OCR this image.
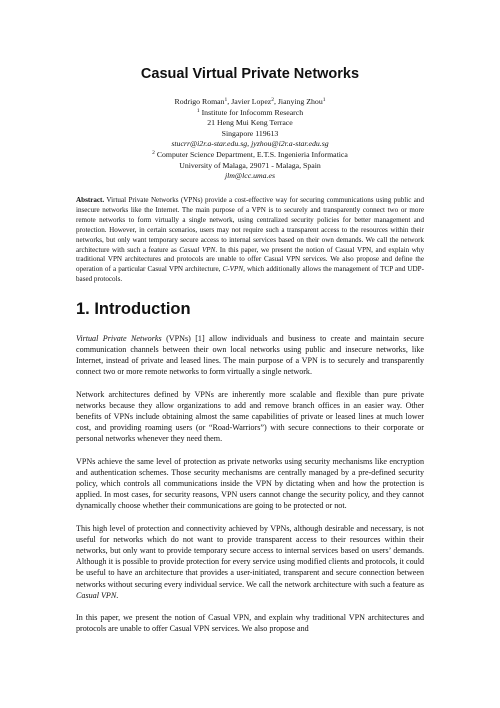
Casual Virtual Private Networks

Rodrigo Roman$^1$, Javier Lopez$^2$, Jianying Zhou$^1$

$^1$ Institute for Infocomm Research

21 Heng Mui Keng Terrace

Singapore 119613

stucrr@i2r.a-star.edu.sg, jyzhou@i2r.a-star.edu.sg

$^2$ Computer Science Department, E.T.S. Ingenieria Informatica

University of Malaga, 29071 - Malaga, Spain

jlm@lcc.uma.es

Abstract. Virtual Private Networks (VPNs) provide a cost-effective way for securing communications using public and insecure networks like the Internet. The main purpose of a VPN is to securely and transparently connect two or more remote networks to form virtually a single network, using centralized security policies for better management and protection. However, in certain scenarios, users may not require such a transparent access to the resources within their networks, but only want temporary secure access to internal services based on their own demands. We call the network architecture with such a feature as Casual VPN. In this paper, we present the notion of Casual VPN, and explain why traditional VPN architectures and protocols are unable to offer Casual VPN services. We also propose and define the operation of a particular Casual VPN architecture, C-VPN, which additionally allows the management of TCP and UDP-based protocols.

1. Introduction

Virtual Private Networks (VPNs) [1] allow individuals and business to create and maintain secure communication channels between their own local networks using public and insecure networks, like Internet, instead of private and leased lines. The main purpose of a VPN is to securely and transparently connect two or more remote networks to form virtually a single network.

Network architectures defined by VPNs are inherently more scalable and flexible than pure private networks because they allow organizations to add and remove branch offices in an easier way. Other benefits of VPNs include obtaining almost the same capabilities of private or leased lines at much lower cost, and providing roaming users (or “Road-Warriors”) with secure connections to their corporate or personal networks whenever they need them.

VPNs achieve the same level of protection as private networks using security mechanisms like encryption and authentication schemes. Those security mechanisms are centrally managed by a pre-defined security policy, which controls all communications inside the VPN by dictating when and how the protection is applied. In most cases, for security reasons, VPN users cannot change the security policy, and they cannot dynamically choose whether their communications are going to be protected or not.

This high level of protection and connectivity achieved by VPNs, although desirable and necessary, is not useful for networks which do not want to provide transparent access to their resources within their networks, but only want to provide temporary secure access to internal services based on users’ demands. Although it is possible to provide protection for every service using modified clients and protocols, it could be useful to have an architecture that provides a user-initiated, transparent and secure connection between networks without securing every individual service. We call the network architecture with such a feature as Casual VPN.

In this paper, we present the notion of Casual VPN, and explain why traditional VPN architectures and protocols are unable to offer Casual VPN services. We also propose and
